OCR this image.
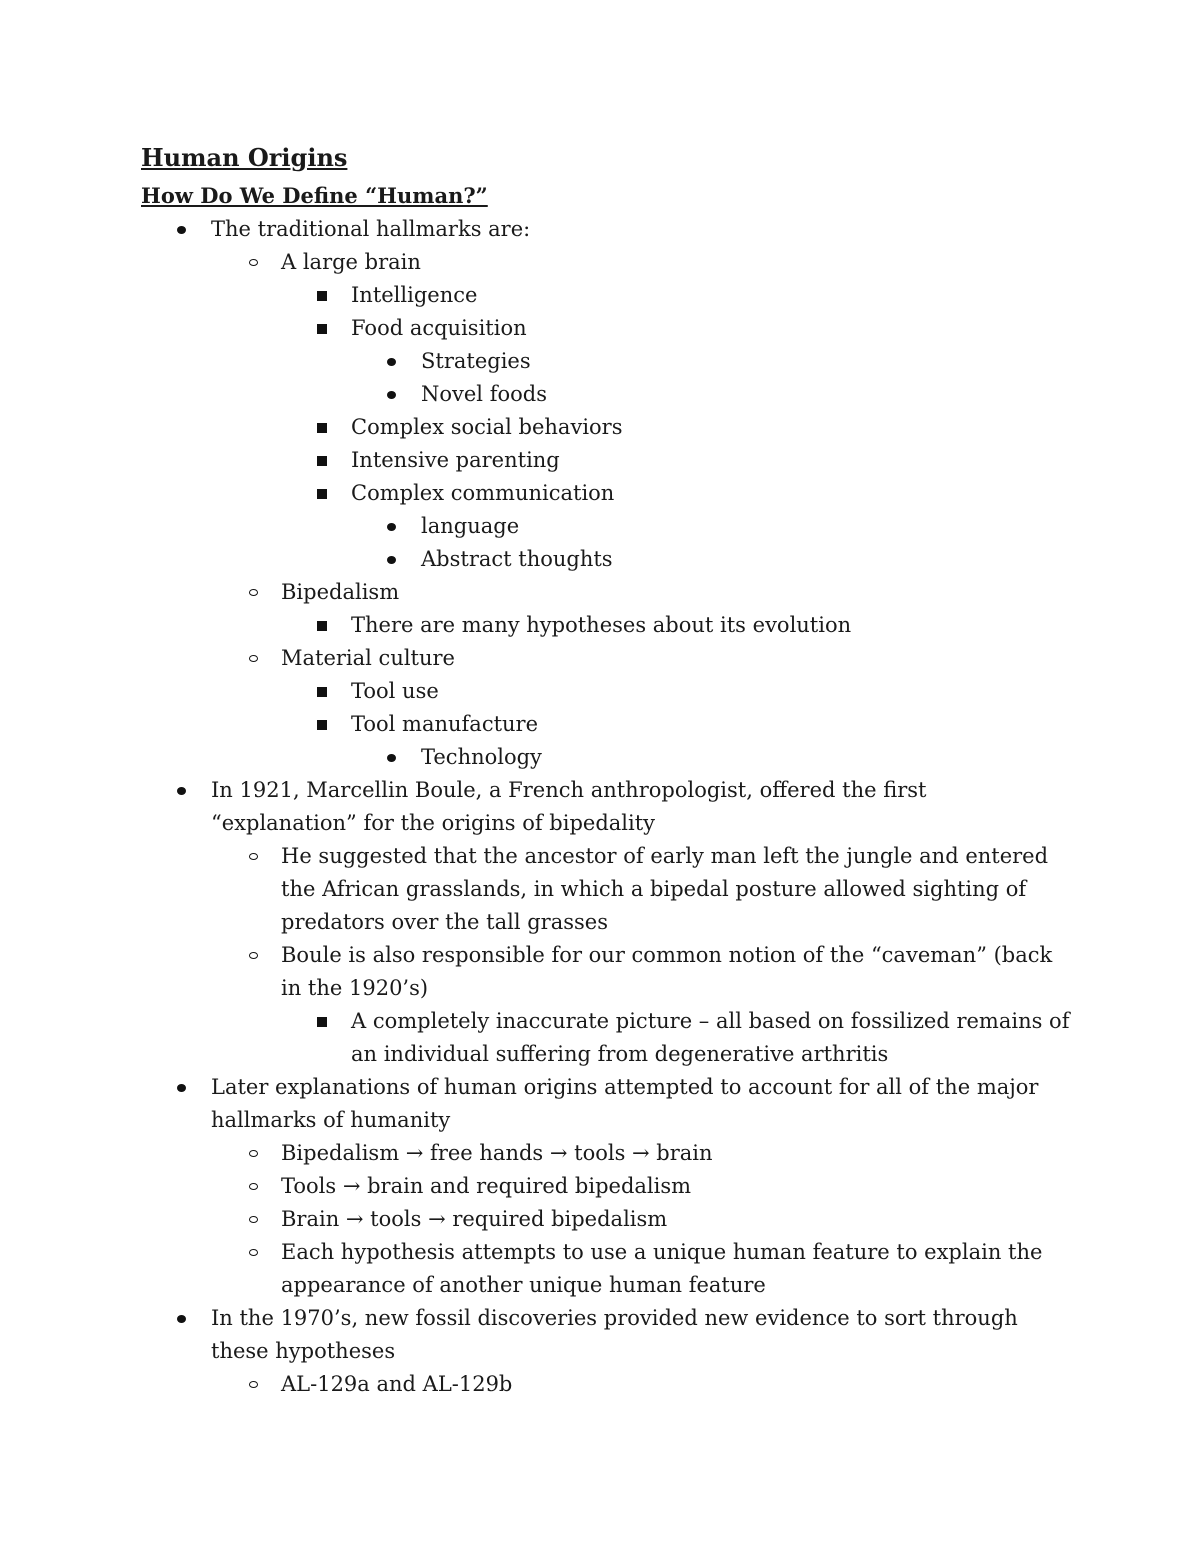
Human Origins
How Do We Define “Human?”
The traditional hallmarks are:
A large brain
Intelligence
Food acquisition
Strategies
Novel foods
Complex social behaviors
Intensive parenting
Complex communication
language
Abstract thoughts
Bipedalism
There are many hypotheses about its evolution
Material culture
Tool use
Tool manufacture
Technology
In 1921, Marcellin Boule, a French anthropologist, offered the first “explanation” for the origins of bipedality
He suggested that the ancestor of early man left the jungle and entered the African grasslands, in which a bipedal posture allowed sighting of predators over the tall grasses
Boule is also responsible for our common notion of the “caveman” (back in the 1920’s)
A completely inaccurate picture – all based on fossilized remains of an individual suffering from degenerative arthritis
Later explanations of human origins attempted to account for all of the major hallmarks of humanity
Bipedalism → free hands → tools → brain
Tools → brain and required bipedalism
Brain → tools → required bipedalism
Each hypothesis attempts to use a unique human feature to explain the appearance of another unique human feature
In the 1970’s, new fossil discoveries provided new evidence to sort through these hypotheses
AL-129a and AL-129b
